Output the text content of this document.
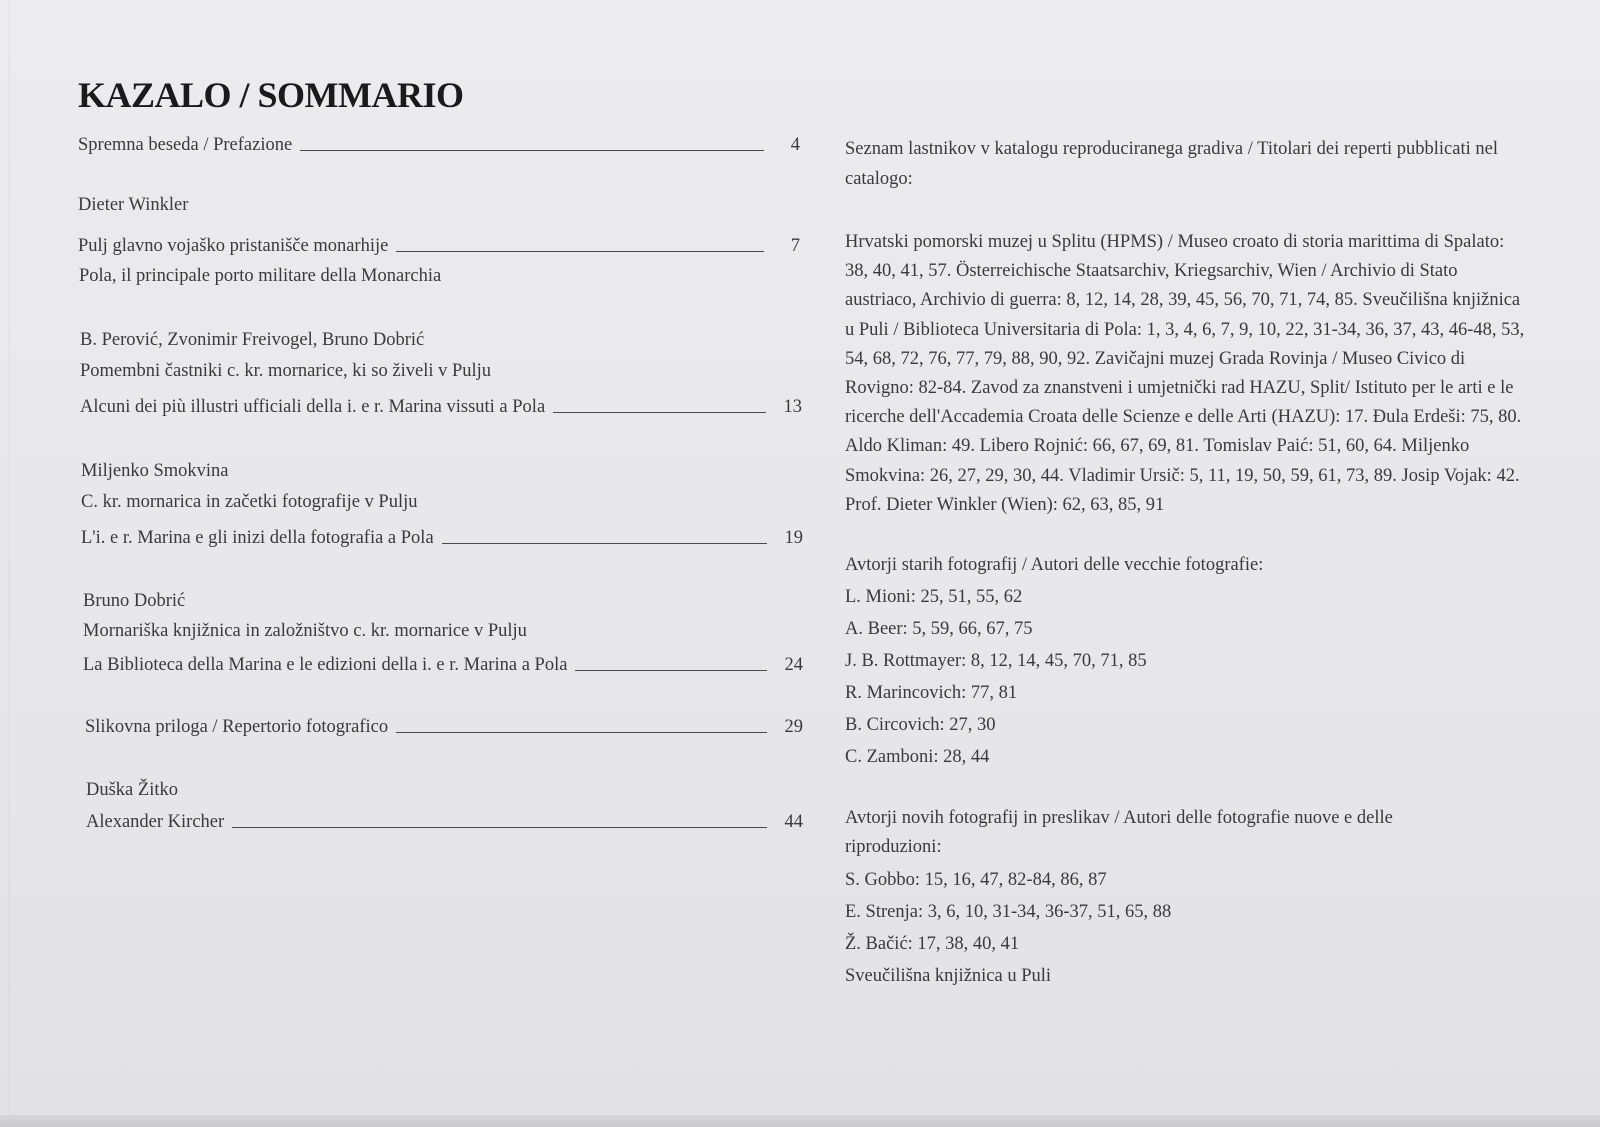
KAZALO / SOMMARIO
Spremna beseda / Prefazione	4
Dieter Winkler
Pulj glavno vojaško pristanišče monarhije	7
Pola, il principale porto militare della Monarchia
B. Perović, Zvonimir Freivogel, Bruno Dobrić
Pomembni častniki c. kr. mornarice, ki so živeli v Pulju
Alcuni dei più illustri ufficiali della i. e r. Marina vissuti a Pola	13
Miljenko Smokvina
C. kr. mornarica in začetki fotografije v Pulju
L'i. e r. Marina e gli inizi della fotografia a Pola	19
Bruno Dobrić
Mornariška knjižnica in založništvo c. kr. mornarice v Pulju
La Biblioteca della Marina e le edizioni della i. e r. Marina a Pola	24
Slikovna priloga / Repertorio fotografico	29
Duška Žitko
Alexander Kircher	44

Seznam lastnikov v katalogu reproduciranega gradiva / Titolari dei reperti pubblicati nel catalogo:

Hrvatski pomorski muzej u Splitu (HPMS) / Museo croato di storia marittima di Spalato: 38, 40, 41, 57. Österreichische Staatsarchiv, Kriegsarchiv, Wien / Archivio di Stato austriaco, Archivio di guerra: 8, 12, 14, 28, 39, 45, 56, 70, 71, 74, 85. Sveučilišna knjižnica u Puli / Biblioteca Universitaria di Pola: 1, 3, 4, 6, 7, 9, 10, 22, 31-34, 36, 37, 43, 46-48, 53, 54, 68, 72, 76, 77, 79, 88, 90, 92. Zavičajni muzej Grada Rovinja / Museo Civico di Rovigno: 82-84. Zavod za znanstveni i umjetnički rad HAZU, Split/ Istituto per le arti e le ricerche dell'Accademia Croata delle Scienze e delle Arti (HAZU): 17. Đula Erdeši: 75, 80. Aldo Kliman: 49. Libero Rojnić: 66, 67, 69, 81. Tomislav Paić: 51, 60, 64. Miljenko Smokvina: 26, 27, 29, 30, 44. Vladimir Ursič: 5, 11, 19, 50, 59, 61, 73, 89. Josip Vojak: 42. Prof. Dieter Winkler (Wien): 62, 63, 85, 91

Avtorji starih fotografij / Autori delle vecchie fotografie:

L. Mioni: 25, 51, 55, 62

A. Beer: 5, 59, 66, 67, 75

J. B. Rottmayer: 8, 12, 14, 45, 70, 71, 85

R. Marincovich: 77, 81

B. Circovich: 27, 30

C. Zamboni: 28, 44

Avtorji novih fotografij in preslikav / Autori delle fotografie nuove e delle riproduzioni:

S. Gobbo: 15, 16, 47, 82-84, 86, 87

E. Strenja: 3, 6, 10, 31-34, 36-37, 51, 65, 88

Ž. Bačić: 17, 38, 40, 41

Sveučilišna knjižnica u Puli
